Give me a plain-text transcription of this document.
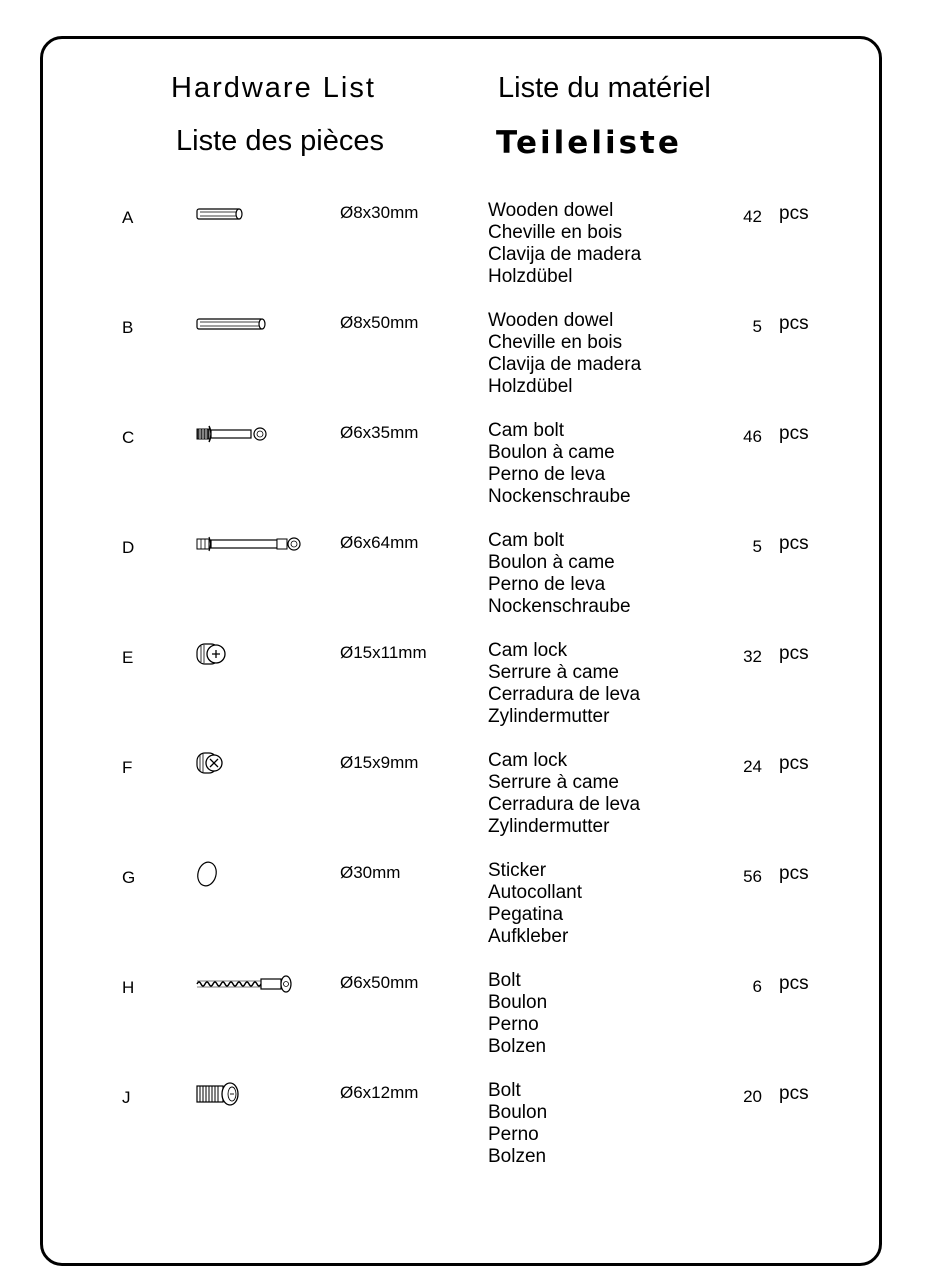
Hardware List	Liste du matériel
Liste des pièces	Teileliste
A	Ø8x30mm	Wooden dowel
Cheville en bois
Clavija de madera
Holzdübel
42 pcs
B	Ø8x50mm	Wooden dowel
Cheville en bois
Clavija de madera
Holzdübel
5 pcs
C	Ø6x35mm	Cam bolt
Boulon à came
Perno de leva
Nockenschraube
46 pcs
D	Ø6x64mm	Cam bolt
Boulon à came
Perno de leva
Nockenschraube
5 pcs
E	Ø15x11mm	Cam lock
Serrure à came
Cerradura de leva
Zylindermutter
32 pcs
F	Ø15x9mm	Cam lock
Serrure à came
Cerradura de leva
Zylindermutter
24 pcs
G	Ø30mm	Sticker
Autocollant
Pegatina
Aufkleber
56 pcs
H	Ø6x50mm	Bolt
Boulon
Perno
Bolzen
6 pcs
J	Ø6x12mm	Bolt
Boulon
Perno
Bolzen
20 pcs
